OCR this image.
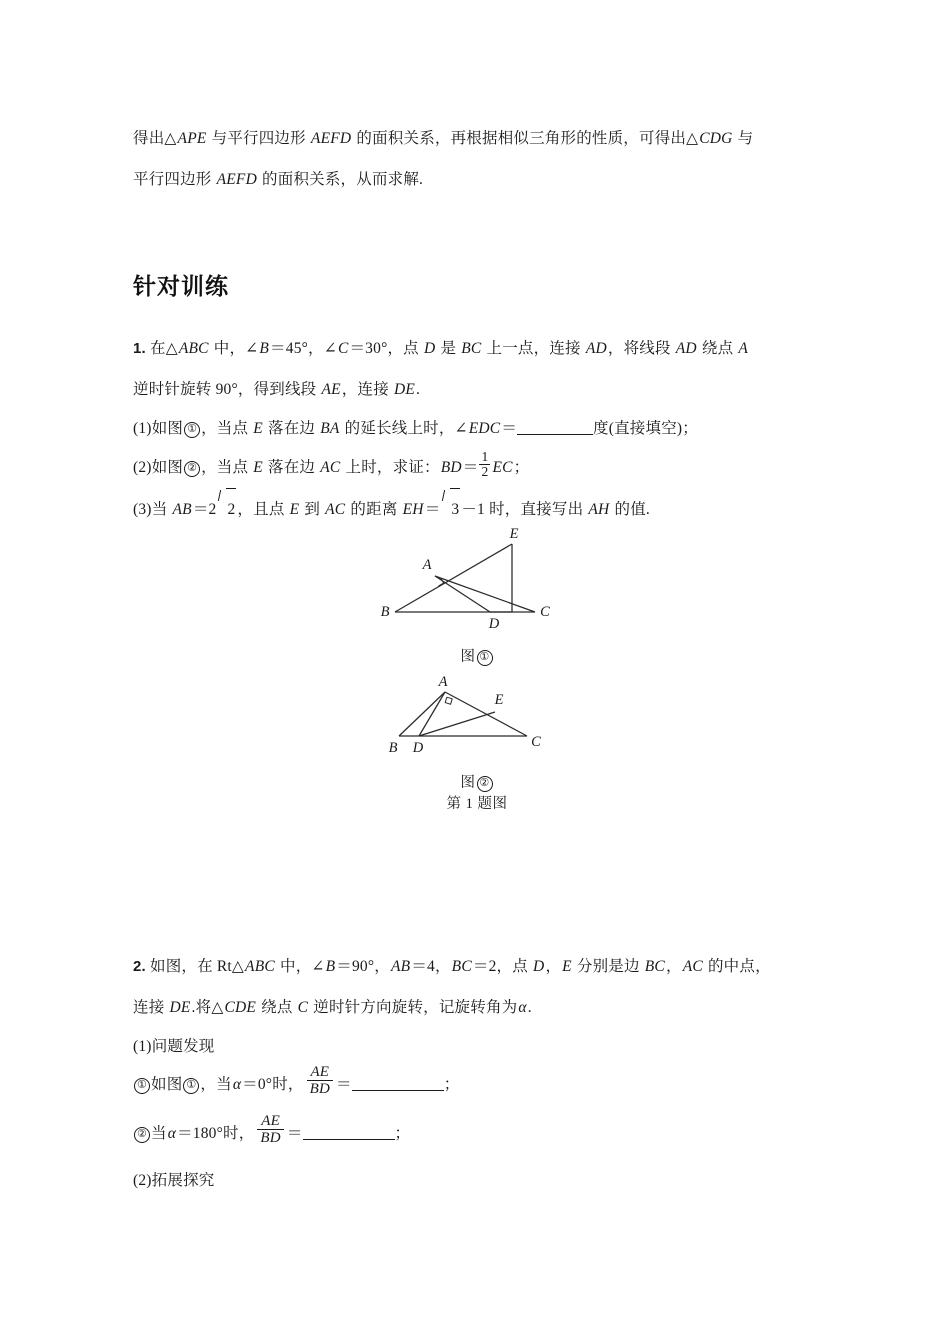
得出△APE 与平行四边形 AEFD 的面积关系，再根据相似三角形的性质，可得出△CDG 与
平行四边形 AEFD 的面积关系，从而求解.
针对训练
1. 在△ABC 中，∠B＝45°，∠C＝30°，点 D 是 BC 上一点，连接 AD，将线段 AD 绕点 A
逆时针旋转 90°，得到线段 AE，连接 DE.
(1)如图 ① ，当点 E 落在边 BA 的延长线上时，∠EDC＝	度(直接填空)；
(2)如图 ② ，当点 E 落在边 AC 上时，求证：$BD= \frac{1}{2}$ EC；
(3)当 AB＝2 2 ，且点 E 到 AC 的距离 EH＝ 3 －1 时，直接写出 AH 的值.
A
B	C
D
E
图 ①
A
B D	C
E
图 ②
第 1 题图
2. 如图，在 Rt△ABC 中，∠B＝90°，AB＝4，BC＝2，点 D，E 分别是边 BC，AC 的中点，
连接 DE.将△CDE 绕点 C 逆时针方向旋转，记旋转角为α.
(1)问题发现
① 如图 ① ，当α＝0°时， $\frac{AE}{BD}$ ＝	；
② 当α＝180°时， $\frac{AE}{BD}$ ＝	；
(2)拓展探究
